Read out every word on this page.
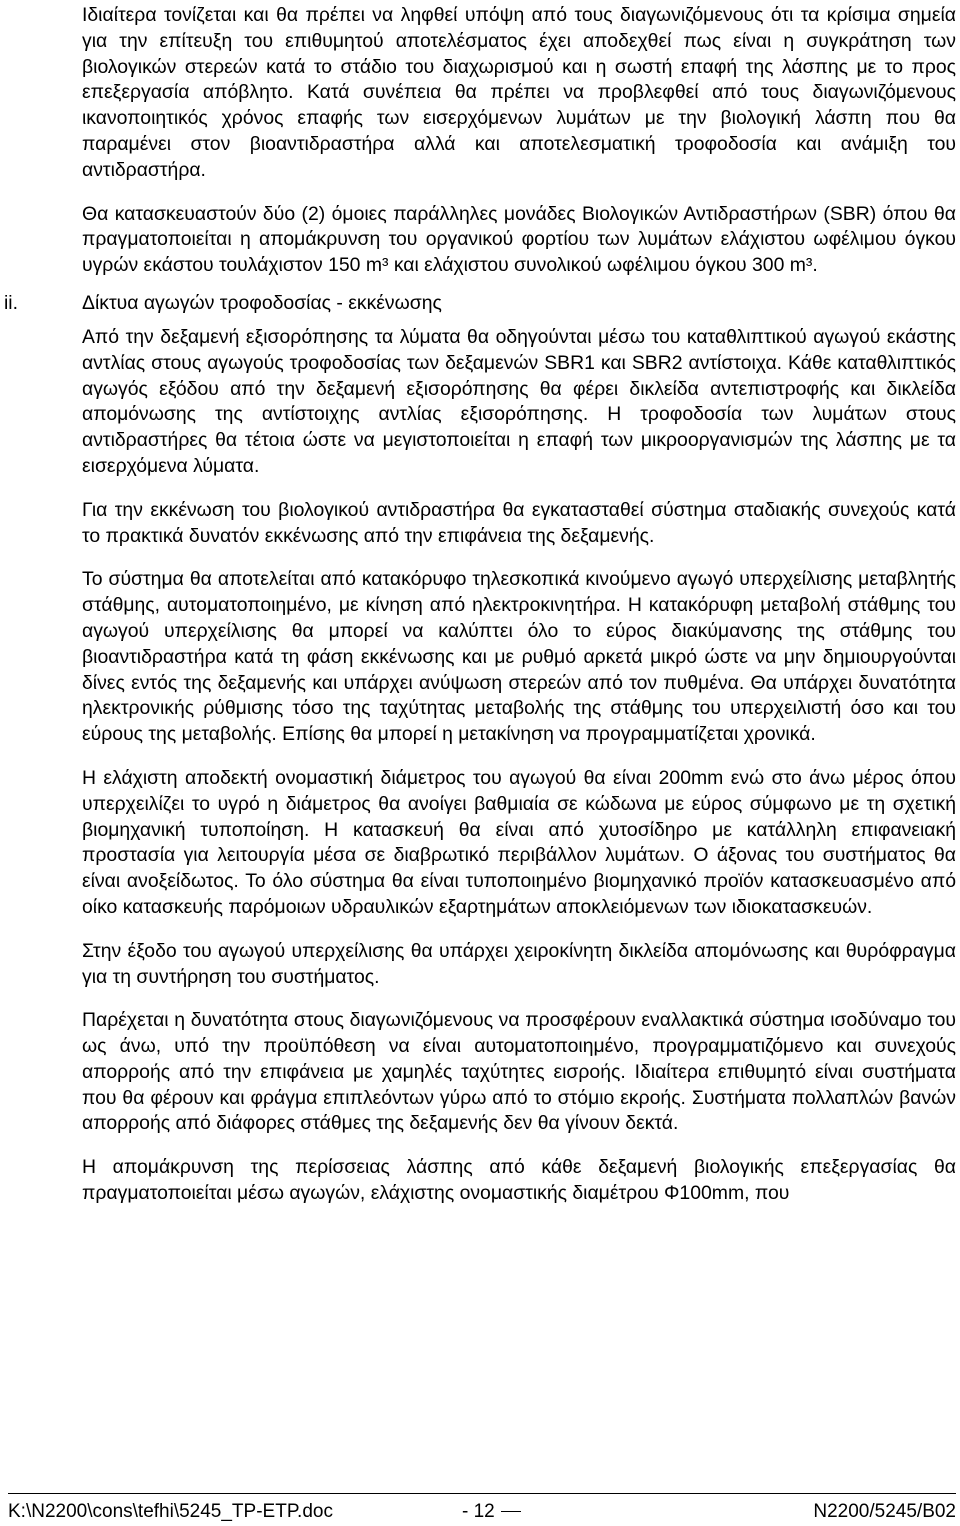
Ιδιαίτερα τονίζεται και θα πρέπει να ληφθεί υπόψη από τους διαγωνιζόμενους ότι τα κρίσιμα σημεία για την επίτευξη του επιθυμητού αποτελέσματος έχει αποδεχθεί πως είναι η συγκράτηση των βιολογικών στερεών κατά το στάδιο του διαχωρισμού και η σωστή επαφή της λάσπης με το προς επεξεργασία απόβλητο. Κατά συνέπεια θα πρέπει να προβλεφθεί από τους διαγωνιζόμενους ικανοποιητικός χρόνος επαφής των εισερχόμενων λυμάτων με την βιολογική λάσπη που θα παραμένει στον βιοαντιδραστήρα αλλά και αποτελεσματική τροφοδοσία και ανάμιξη του αντιδραστήρα.

Θα κατασκευαστούν δύο (2) όμοιες παράλληλες μονάδες Βιολογικών Αντιδραστήρων (SBR) όπου θα πραγματοποιείται η απομάκρυνση του οργανικού φορτίου των λυμάτων ελάχιστου ωφέλιμου όγκου υγρών εκάστου τουλάχιστον 150 m³ και ελάχιστου συνολικού ωφέλιμου όγκου 300 m³.

ii.	Δίκτυα αγωγών τροφοδοσίας - εκκένωσης

Από την δεξαμενή εξισορόπησης τα λύματα θα οδηγούνται μέσω του καταθλιπτικού αγωγού εκάστης αντλίας στους αγωγούς τροφοδοσίας των δεξαμενών SBR1 και SBR2 αντίστοιχα. Κάθε καταθλιπτικός αγωγός εξόδου από την δεξαμενή εξισορόπησης θα φέρει δικλείδα αντεπιστροφής και δικλείδα απομόνωσης της αντίστοιχης αντλίας εξισορόπησης. Η τροφοδοσία των λυμάτων στους αντιδραστήρες θα τέτοια ώστε να μεγιστοποιείται η επαφή των μικροοργανισμών της λάσπης με τα εισερχόμενα λύματα.

Για την εκκένωση του βιολογικού αντιδραστήρα θα εγκατασταθεί σύστημα σταδιακής συνεχούς κατά το πρακτικά δυνατόν εκκένωσης από την επιφάνεια της δεξαμενής.

Το σύστημα θα αποτελείται από κατακόρυφο τηλεσκοπικά κινούμενο αγωγό υπερχείλισης μεταβλητής στάθμης, αυτοματοποιημένο, με κίνηση από ηλεκτροκινητήρα. Η κατακόρυφη μεταβολή στάθμης του αγωγού υπερχείλισης θα μπορεί να καλύπτει όλο το εύρος διακύμανσης της στάθμης του βιοαντιδραστήρα κατά τη φάση εκκένωσης και με ρυθμό αρκετά μικρό ώστε να μην δημιουργούνται δίνες εντός της δεξαμενής και υπάρχει ανύψωση στερεών από τον πυθμένα. Θα υπάρχει δυνατότητα ηλεκτρονικής ρύθμισης τόσο της ταχύτητας μεταβολής της στάθμης του υπερχειλιστή όσο και του εύρους της μεταβολής. Επίσης θα μπορεί η μετακίνηση να προγραμματίζεται χρονικά.

Η ελάχιστη αποδεκτή ονομαστική διάμετρος του αγωγού θα είναι 200mm ενώ στο άνω μέρος όπου υπερχειλίζει το υγρό η διάμετρος θα ανοίγει βαθμιαία σε κώδωνα με εύρος σύμφωνο με τη σχετική βιομηχανική τυποποίηση. Η κατασκευή θα είναι από χυτοσίδηρο με κατάλληλη επιφανειακή προστασία για λειτουργία μέσα σε διαβρωτικό περιβάλλον λυμάτων. Ο άξονας του συστήματος θα είναι ανοξείδωτος. Το όλο σύστημα θα είναι τυποποιημένο βιομηχανικό προϊόν κατασκευασμένο από οίκο κατασκευής παρόμοιων υδραυλικών εξαρτημάτων αποκλειόμενων των ιδιοκατασκευών.

Στην έξοδο του αγωγού υπερχείλισης θα υπάρχει χειροκίνητη δικλείδα απομόνωσης και θυρόφραγμα για τη συντήρηση του συστήματος.

Παρέχεται η δυνατότητα στους διαγωνιζόμενους να προσφέρουν εναλλακτικά σύστημα ισοδύναμο του ως άνω, υπό την προϋπόθεση να είναι αυτοματοποιημένο, προγραμματιζόμενο και συνεχούς απορροής από την επιφάνεια με χαμηλές ταχύτητες εισροής. Ιδιαίτερα επιθυμητό είναι συστήματα που θα φέρουν και φράγμα επιπλεόντων γύρω από το στόμιο εκροής. Συστήματα πολλαπλών βανών απορροής από διάφορες στάθμες της δεξαμενής δεν θα γίνουν δεκτά.

Η απομάκρυνση της περίσσειας λάσπης από κάθε δεξαμενή βιολογικής επεξεργασίας θα πραγματοποιείται μέσω αγωγών, ελάχιστης ονομαστικής διαμέτρου Φ100mm, που

K:\N2200\cons\tefhi\5245_TP-ETP.doc	- 12	N2200/5245/B02
